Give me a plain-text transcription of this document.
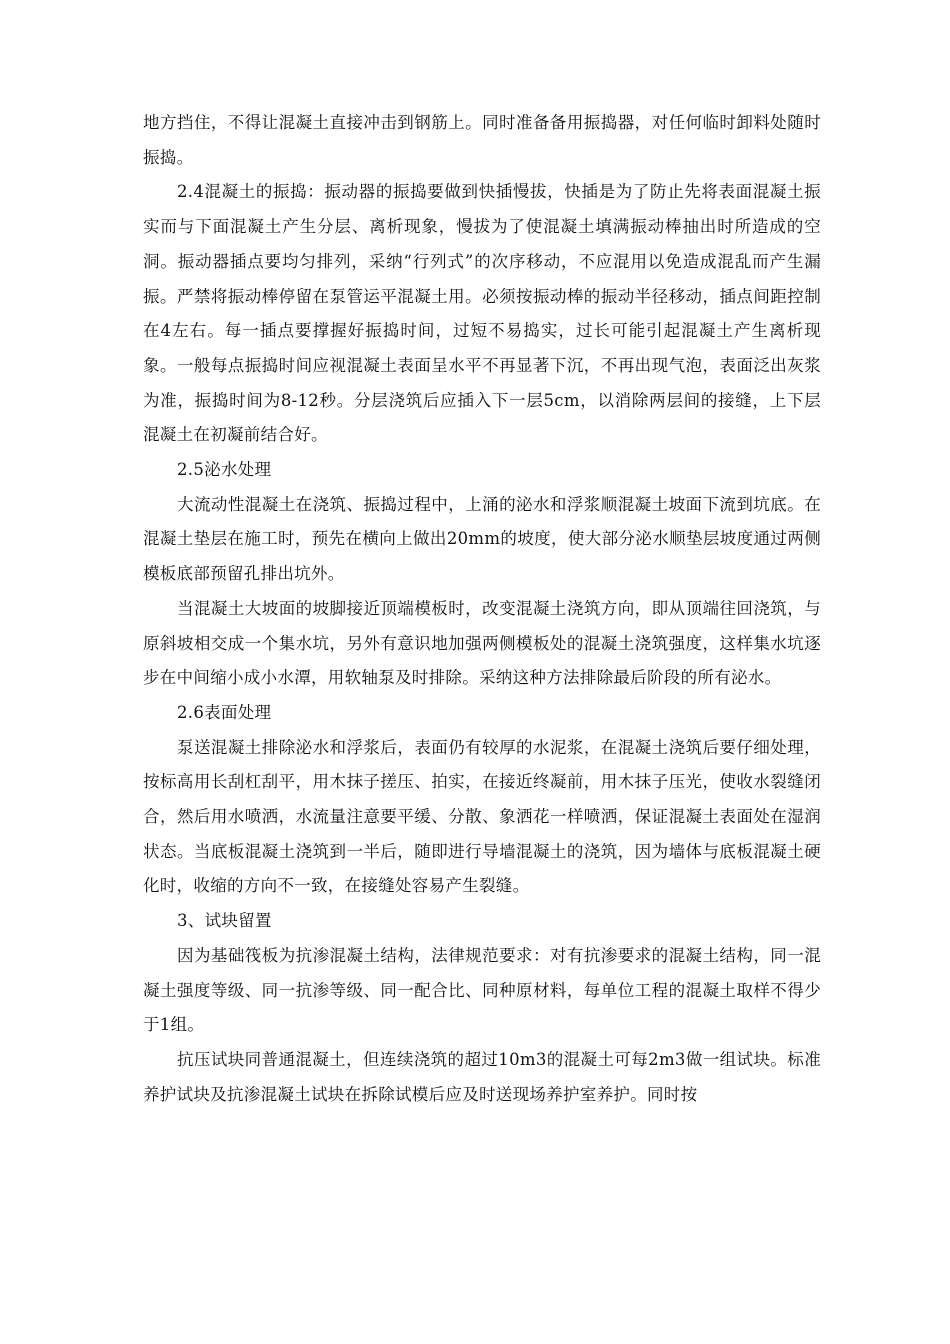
地方挡住，不得让混凝土直接冲击到钢筋上。同时准备备用振捣器，对任何临时卸料处随时振捣。

2.4混凝土的振捣：振动器的振捣要做到快插慢拔，快插是为了防止先将表面混凝土振实而与下面混凝土产生分层、离析现象，慢拔为了使混凝土填满振动棒抽出时所造成的空洞。振动器插点要均匀排列，采纳“行列式”的次序移动，不应混用以免造成混乱而产生漏振。严禁将振动棒停留在泵管运平混凝土用。必须按振动棒的振动半径移动，插点间距控制在4左右。每一插点要撑握好振捣时间，过短不易捣实，过长可能引起混凝土产生离析现象。一般每点振捣时间应视混凝土表面呈水平不再显著下沉，不再出现气泡，表面泛出灰浆为准，振捣时间为8-12秒。分层浇筑后应插入下一层5cm，以消除两层间的接缝，上下层混凝土在初凝前结合好。

2.5泌水处理

大流动性混凝土在浇筑、振捣过程中，上涌的泌水和浮浆顺混凝土坡面下流到坑底。在混凝土垫层在施工时，预先在横向上做出20mm的坡度，使大部分泌水顺垫层坡度通过两侧模板底部预留孔排出坑外。

当混凝土大坡面的坡脚接近顶端模板时，改变混凝土浇筑方向，即从顶端往回浇筑，与原斜坡相交成一个集水坑，另外有意识地加强两侧模板处的混凝土浇筑强度，这样集水坑逐步在中间缩小成小水潭，用软轴泵及时排除。采纳这种方法排除最后阶段的所有泌水。

2.6表面处理

泵送混凝土排除泌水和浮浆后，表面仍有较厚的水泥浆，在混凝土浇筑后要仔细处理，按标高用长刮杠刮平，用木抹子搓压、拍实，在接近终凝前，用木抹子压光，使收水裂缝闭合，然后用水喷洒，水流量注意要平缓、分散、象洒花一样喷洒，保证混凝土表面处在湿润状态。当底板混凝土浇筑到一半后，随即进行导墙混凝土的浇筑，因为墙体与底板混凝土硬化时，收缩的方向不一致，在接缝处容易产生裂缝。

3、试块留置

因为基础筏板为抗渗混凝土结构，法律规范要求：对有抗渗要求的混凝土结构，同一混凝土强度等级、同一抗渗等级、同一配合比、同种原材料，每单位工程的混凝土取样不得少于1组。

抗压试块同普通混凝土，但连续浇筑的超过10m3的混凝土可每2m3做一组试块。标准养护试块及抗渗混凝土试块在拆除试模后应及时送现场养护室养护。同时按
